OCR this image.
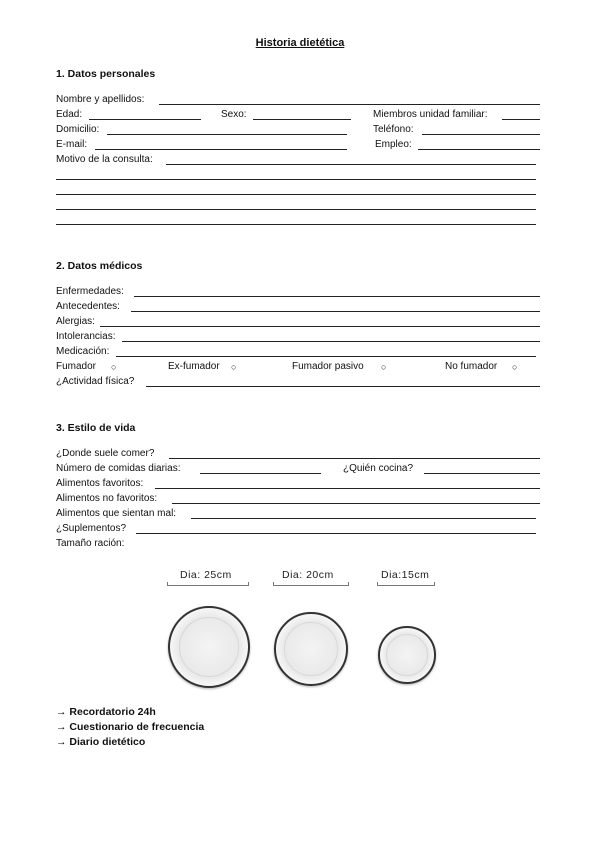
Historia dietética
1. Datos personales
Nombre y apellidos:
Edad:	Sexo:	Miembros unidad familiar:
Domicilio:	Teléfono:
E-mail:	Empleo:
Motivo de la consulta:
2. Datos médicos
Enfermedades:
Antecedentes:
Alergias:
Intolerancias:
Medicación:
Fumador ○	Ex-fumador ○	Fumador pasivo ○	No fumador ○
¿Actividad física?
3. Estilo de vida
¿Donde suele comer?
Número de comidas diarias:	¿Quién cocina?
Alimentos favoritos:
Alimentos no favoritos:
Alimentos que sientan mal:
¿Suplementos?
Tamaño ración:
Dia: 25cm	Dia: 20cm	Dia:15cm
→ Recordatorio 24h
→ Cuestionario de frecuencia
→ Diario dietético
